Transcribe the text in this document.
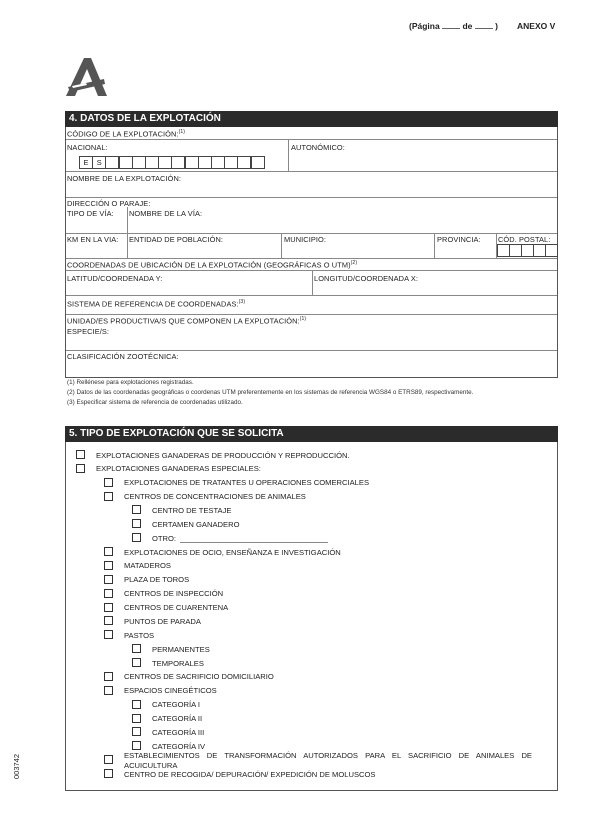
(Página	de	) ANEXO V
4. DATOS DE LA EXPLOTACIÓN
CÓDIGO DE LA EXPLOTACIÓN:$^{(1)}$
NACIONAL:	AUTONÓMICO:
E	S
NOMBRE DE LA EXPLOTACIÓN:
DIRECCIÓN O PARAJE:
TIPO DE VÍA: NOMBRE DE LA VÍA:
KM EN LA VIA: ENTIDAD DE POBLACIÓN:	MUNICIPIO:	PROVINCIA: CÓD. POSTAL:
COORDENADAS DE UBICACIÓN DE LA EXPLOTACIÓN (GEOGRÁFICAS O UTM)$^{(2)}$
LATITUD/COORDENADA Y:	LONGITUD/COORDENADA X:
SISTEMA DE REFERENCIA DE COORDENADAS:$^{(3)}$
UNIDAD/ES PRODUCTIVA/S QUE COMPONEN LA EXPLOTACIÓN:$^{(1)}$
ESPECIE/S:
CLASIFICACIÓN ZOOTÉCNICA:
(1) Rellénese para explotaciones registradas.
(2) Datos de las coordenadas geográficas o coordenas UTM preferentemente en los sistemas de referencia WGS84 o ETRS89, respectivamente.
(3) Especificar sistema de referencia de coordenadas utilizado.
5. TIPO DE EXPLOTACIÓN QUE SE SOLICITA
EXPLOTACIONES GANADERAS DE PRODUCCIÓN Y REPRODUCCIÓN.
EXPLOTACIONES GANADERAS ESPECIALES:
EXPLOTACIONES DE TRATANTES U OPERACIONES COMERCIALES
CENTROS DE CONCENTRACIONES DE ANIMALES
CENTRO DE TESTAJE
CERTAMEN GANADERO
OTRO:
EXPLOTACIONES DE OCIO, ENSEÑANZA E INVESTIGACIÓN
MATADEROS
PLAZA DE TOROS
CENTROS DE INSPECCIÓN
CENTROS DE CUARENTENA
PUNTOS DE PARADA
PASTOS
PERMANENTES
TEMPORALES
CENTROS DE SACRIFICIO DOMICILIARIO
ESPACIOS CINEGÉTICOS
CATEGORÍA I
CATEGORÍA II
CATEGORÍA III
CATEGORÍA IV
ESTABLECIMIENTOS DE TRANSFORMACIÓN AUTORIZADOS PARA EL SACRIFICIO DE ANIMALES DE ACUICULTURA
CENTRO DE RECOGIDA/ DEPURACIÓN/ EXPEDICIÓN DE MOLUSCOS
003742
